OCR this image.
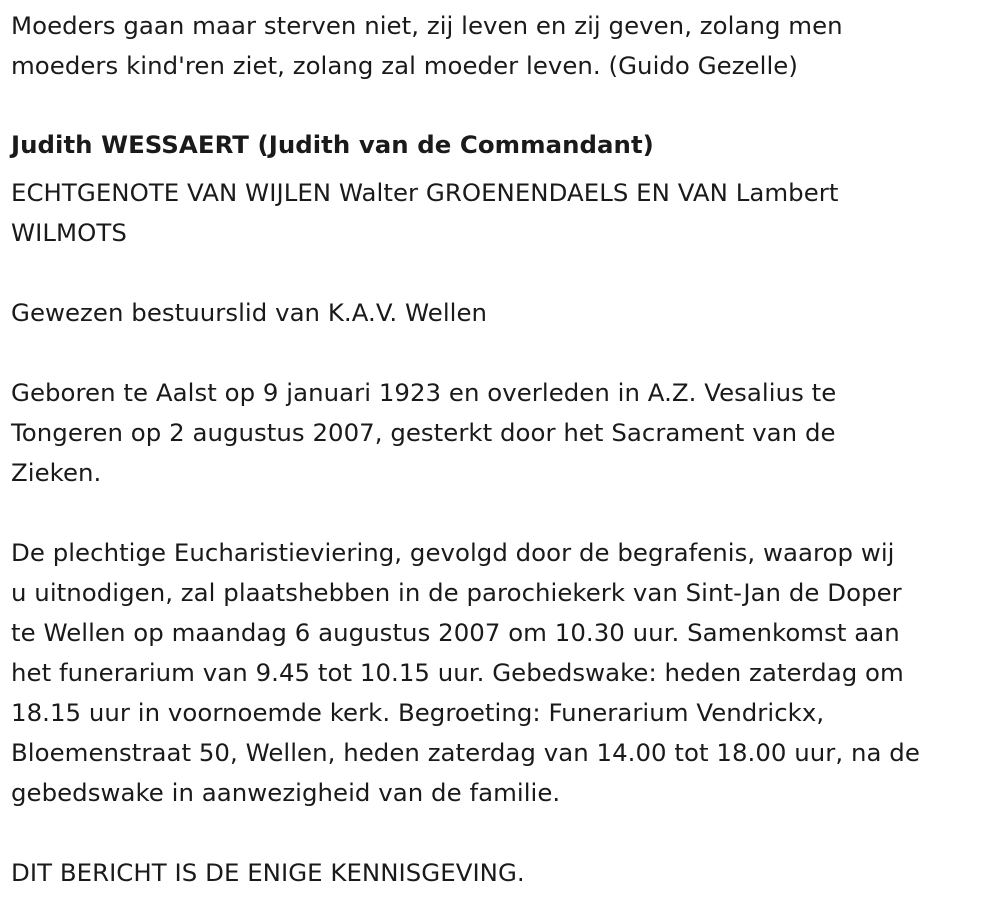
Moeders gaan maar sterven niet, zij leven en zij geven, zolang men
moeders kind'ren ziet, zolang zal moeder leven. (Guido Gezelle)

Judith WESSAERT (Judith van de Commandant)

ECHTGENOTE VAN WIJLEN Walter GROENENDAELS EN VAN Lambert
WILMOTS

Gewezen bestuurslid van K.A.V. Wellen

Geboren te Aalst op 9 januari 1923 en overleden in A.Z. Vesalius te
Tongeren op 2 augustus 2007, gesterkt door het Sacrament van de
Zieken.

De plechtige Eucharistieviering, gevolgd door de begrafenis, waarop wij
u uitnodigen, zal plaatshebben in de parochiekerk van Sint-Jan de Doper
te Wellen op maandag 6 augustus 2007 om 10.30 uur. Samenkomst aan
het funerarium van 9.45 tot 10.15 uur. Gebedswake: heden zaterdag om
18.15 uur in voornoemde kerk. Begroeting: Funerarium Vendrickx,
Bloemenstraat 50, Wellen, heden zaterdag van 14.00 tot 18.00 uur, na de
gebedswake in aanwezigheid van de familie.

DIT BERICHT IS DE ENIGE KENNISGEVING.
